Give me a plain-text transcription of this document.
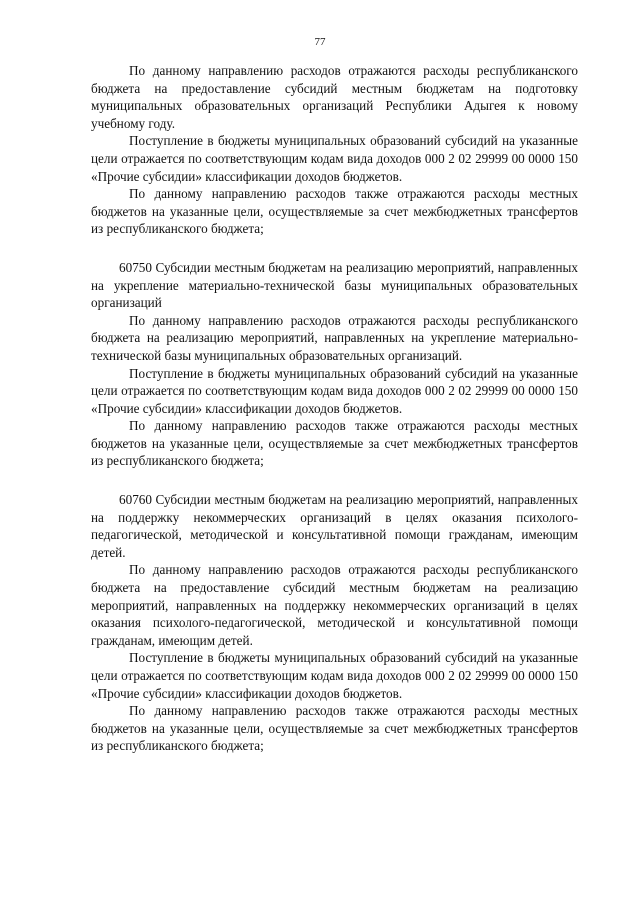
77

По данному направлению расходов отражаются расходы республиканского бюджета на предоставление субсидий местным бюджетам на подготовку муниципальных образовательных организаций Республики Адыгея к новому учебному году.

Поступление в бюджеты муниципальных образований субсидий на указанные цели отражается по соответствующим кодам вида доходов 000 2 02 29999 00 0000 150 «Прочие субсидии» классификации доходов бюджетов.

По данному направлению расходов также отражаются расходы местных бюджетов на указанные цели, осуществляемые за счет межбюджетных трансфертов из республиканского бюджета;

60750 Субсидии местным бюджетам на реализацию мероприятий, направленных на укрепление материально-технической базы муниципальных образовательных организаций

По данному направлению расходов отражаются расходы республиканского бюджета на реализацию мероприятий, направленных на укрепление материально-технической базы муниципальных образовательных организаций.

Поступление в бюджеты муниципальных образований субсидий на указанные цели отражается по соответствующим кодам вида доходов 000 2 02 29999 00 0000 150 «Прочие субсидии» классификации доходов бюджетов.

По данному направлению расходов также отражаются расходы местных бюджетов на указанные цели, осуществляемые за счет межбюджетных трансфертов из республиканского бюджета;

60760 Субсидии местным бюджетам на реализацию мероприятий, направленных на поддержку некоммерческих организаций в целях оказания психолого-педагогической, методической и консультативной помощи гражданам, имеющим детей.

По данному направлению расходов отражаются расходы республиканского бюджета на предоставление субсидий местным бюджетам на реализацию мероприятий, направленных на поддержку некоммерческих организаций в целях оказания психолого-педагогической, методической и консультативной помощи гражданам, имеющим детей.

Поступление в бюджеты муниципальных образований субсидий на указанные цели отражается по соответствующим кодам вида доходов 000 2 02 29999 00 0000 150 «Прочие субсидии» классификации доходов бюджетов.

По данному направлению расходов также отражаются расходы местных бюджетов на указанные цели, осуществляемые за счет межбюджетных трансфертов из республиканского бюджета;
